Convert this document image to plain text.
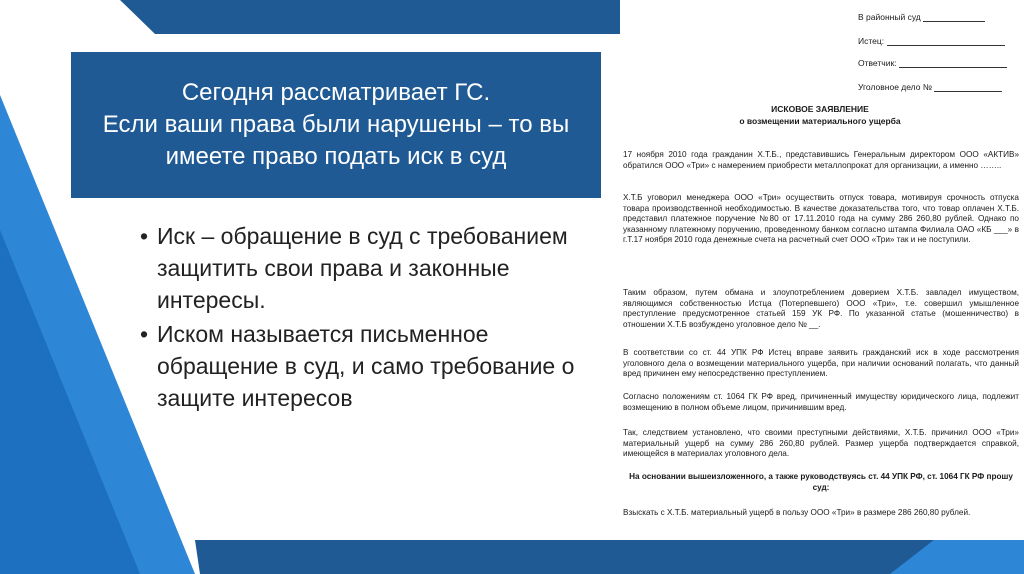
Сегодня рассматривает ГС.
Если ваши права были нарушены – то вы имеете право подать иск в суд
• Иск – обращение в суд с требованием защитить свои права и законные интересы.
• Иском называется письменное обращение в суд, и само требование о защите интересов
В районный суд
Истец:
Ответчик:
Уголовное дело №
ИСКОВОЕ ЗАЯВЛЕНИЕ
о возмещении материального ущерба
17 ноября 2010 года гражданин Х.Т.Б., представившись Генеральным директором ООО «АКТИВ» обратился ООО «Три» с намерением приобрести металлопрокат для организации, а именно ……..
Х.Т.Б уговорил менеджера ООО «Три» осуществить отпуск товара, мотивируя срочность отпуска товара производственной необходимостью. В качестве доказательства того, что товар оплачен Х.Т.Б. представил платежное поручение №80 от 17.11.2010 года на сумму 286 260,80 рублей. Однако по указанному платежному поручению, проведенному банком согласно штампа Филиала ОАО «КБ ___» в г.Т.17 ноября 2010 года денежные счета на расчетный счет ООО «Три» так и не поступили.
Таким образом, путем обмана и злоупотреблением доверием Х.Т.Б. завладел имуществом, являющимся собственностью Истца (Потерпевшего) ООО «Три», т.е. совершил умышленное преступление предусмотренное статьей 159 УК РФ. По указанной статье (мошенничество) в отношении Х.Т.Б возбуждено уголовное дело № __.
В соответствии со ст. 44 УПК РФ Истец вправе заявить гражданский иск в ходе рассмотрения уголовного дела о возмещении материального ущерба, при наличии оснований полагать, что данный вред причинен ему непосредственно преступлением.
Согласно положениям ст. 1064 ГК РФ вред, причиненный имуществу юридического лица, подлежит возмещению в полном объеме лицом, причинившим вред.
Так, следствием установлено, что своими преступными действиями, Х.Т.Б. причинил ООО «Три» материальный ущерб на сумму 286 260,80 рублей. Размер ущерба подтверждается справкой, имеющейся в материалах уголовного дела.
На основании вышеизложенного, а также руководствуясь ст. 44 УПК РФ, ст. 1064 ГК РФ прошу суд:
Взыскать с Х.Т.Б. материальный ущерб в пользу ООО «Три» в размере 286 260,80 рублей.
